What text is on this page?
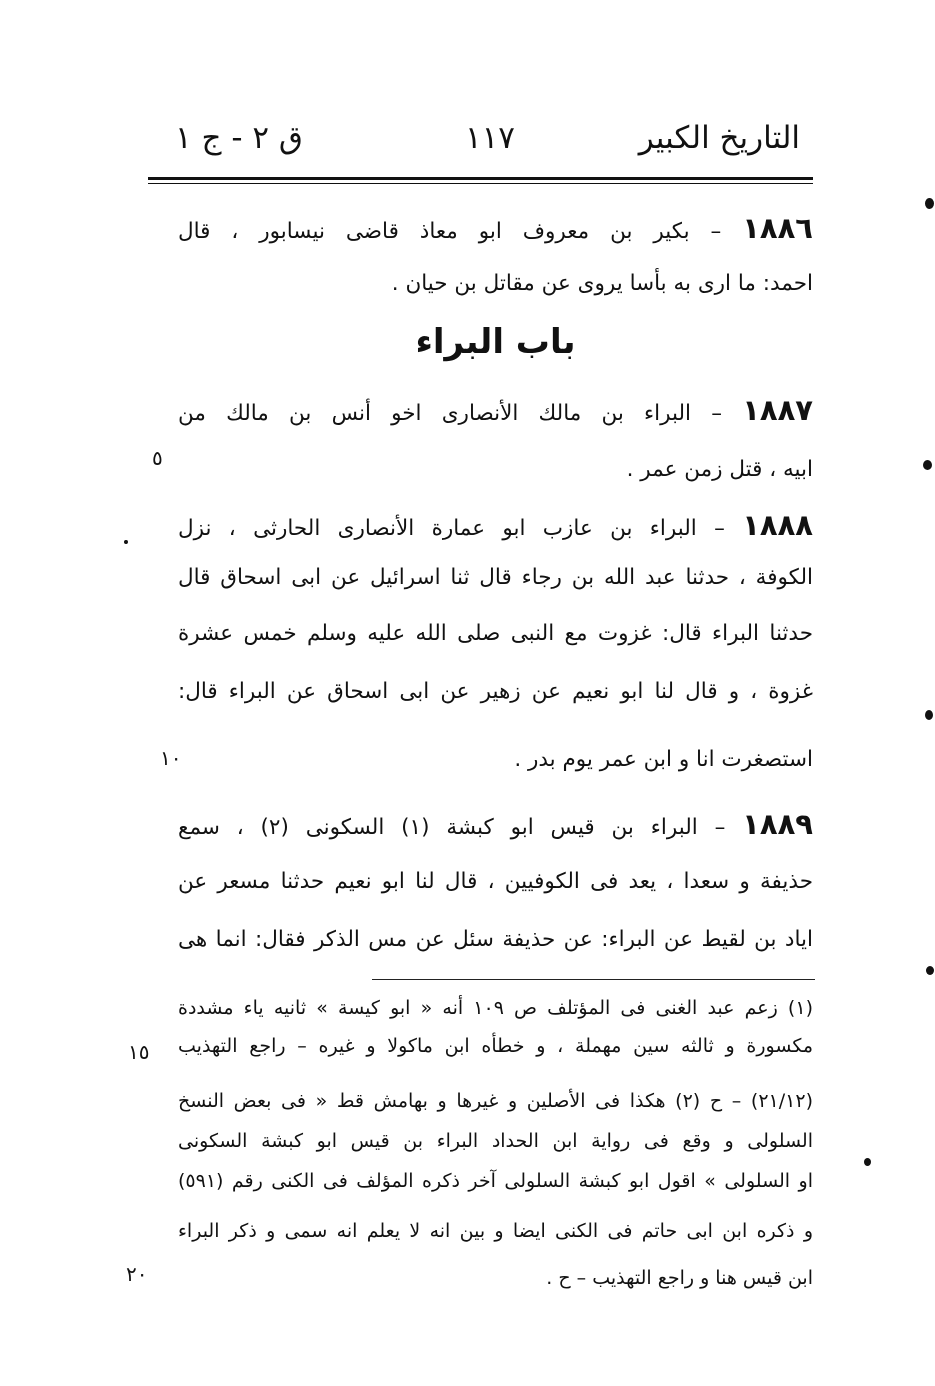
التاريخ الكبير
١١٧
ق ٢ - ج ١
١٨٨٦ – بكير بن معروف ابو معاذ قاضى نيسابور ، قال
احمد: ما ارى به بأسا يروى عن مقاتل بن حيان .
باب البراء
١٨٨٧ – البراء بن مالك الأنصارى اخو أنس بن مالك من
ابيه ، قتل زمن عمر .
١٨٨٨ – البراء بن عازب ابو عمارة الأنصارى الحارثى ، نزل
الكوفة ، حدثنا عبد الله بن رجاء قال ثنا اسرائيل عن ابى اسحاق قال
حدثنا البراء قال: غزوت مع النبى صلى الله عليه وسلم خمس عشرة
غزوة ، و قال لنا ابو نعيم عن زهير عن ابى اسحاق عن البراء قال:
استصغرت انا و ابن عمر يوم بدر .
١٨٨٩ – البراء بن قيس ابو كبشة (١) السكونى (٢) ، سمع
حذيفة و سعدا ، يعد فى الكوفيين ، قال لنا ابو نعيم حدثنا مسعر عن
اياد بن لقيط عن البراء: عن حذيفة سئل عن مس الذكر فقال: انما هى
(١) زعم عبد الغنى فى المؤتلف ص ١٠٩ أنه « ابو كيسة » ثانيه ياء مشددة
مكسورة و ثالثه سين مهملة ، و خطأه ابن ماكولا و غيره – راجع التهذيب
(٢١/١٢) – ح (٢) هكذا فى الأصلين و غيرها و بهامش قط « فى بعض النسخ
السلولى و وقع فى رواية ابن الحداد البراء بن قيس ابو كبشة السكونى
او السلولى » اقول ابو كبشة السلولى آخر ذكره المؤلف فى الكنى رقم (٥٩١)
و ذكره ابن ابى حاتم فى الكنى ايضا و بين انه لا يعلم انه سمى و ذكر البراء
ابن قيس هنا و راجع التهذيب – ح .
٥
١٠
١٥
٢٠
